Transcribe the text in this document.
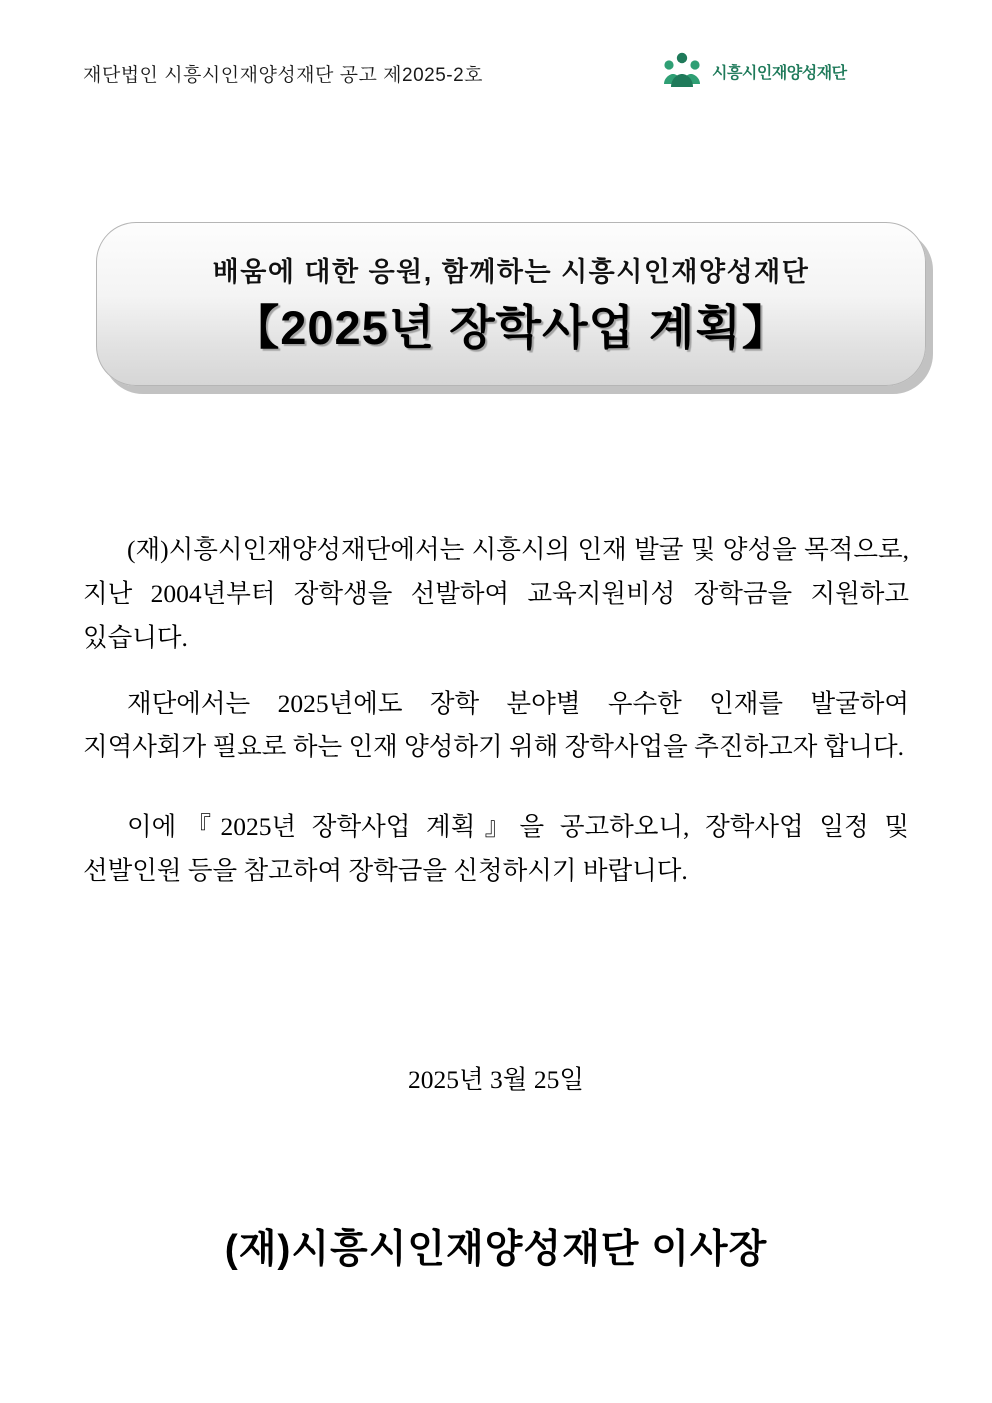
재단법인 시흥시인재양성재단 공고 제2025-2호	시흥시인재양성재단
배움에 대한 응원, 함께하는 시흥시인재양성재단
【2025년 장학사업 계획】

(재)시흥시인재양성재단에서는 시흥시의 인재 발굴 및 양성을 목적으로, 지난 2004년부터 장학생을 선발하여 교육지원비성 장학금을 지원하고 있습니다.

재단에서는 2025년에도 장학 분야별 우수한 인재를 발굴하여 지역사회가 필요로 하는 인재 양성하기 위해 장학사업을 추진하고자 합니다.

이에『2025년 장학사업 계획』을 공고하오니, 장학사업 일정 및 선발인원 등을 참고하여 장학금을 신청하시기 바랍니다.

2025년 3월 25일
(재)시흥시인재양성재단 이사장
